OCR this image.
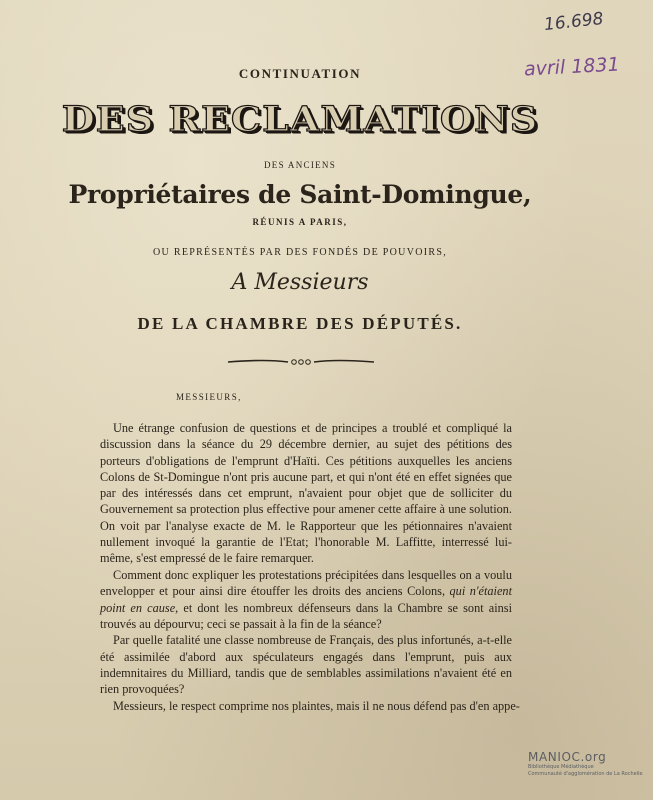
16.698
avril 1831
CONTINUATION
DES RECLAMATIONS
DES ANCIENS
Propriétaires de Saint-Domingue,
RÉUNIS A PARIS,
OU REPRÉSENTÉS PAR DES FONDÉS DE POUVOIRS,
A Messieurs
DE LA CHAMBRE DES DÉPUTÉS.
MESSIEURS,

Une étrange confusion de questions et de principes a troublé et compliqué la discussion dans la séance du 29 décembre dernier, au sujet des pétitions des porteurs d'obligations de l'emprunt d'Haïti. Ces pétitions auxquelles les anciens Colons de St-Domingue n'ont pris aucune part, et qui n'ont été en effet signées que par des intéressés dans cet emprunt, n'avaient pour objet que de solliciter du Gouvernement sa protection plus effective pour amener cette affaire à une solution. On voit par l'analyse exacte de M. le Rapporteur que les pétionnaires n'avaient nullement invoqué la garantie de l'Etat; l'honorable M. Laffitte, interressé lui-même, s'est empressé de le faire remarquer.

Comment donc expliquer les protestations précipitées dans lesquelles on a voulu envelopper et pour ainsi dire étouffer les droits des anciens Colons, qui n'étaient point en cause, et dont les nombreux défenseurs dans la Chambre se sont ainsi trouvés au dépourvu; ceci se passait à la fin de la séance?

Par quelle fatalité une classe nombreuse de Français, des plus infortunés, a-t-elle été assimilée d'abord aux spéculateurs engagés dans l'emprunt, puis aux indemnitaires du Milliard, tandis que de semblables assimilations n'avaient été en rien provoquées?

Messieurs, le respect comprime nos plaintes, mais il ne nous défend pas d'en appe-

MANIOC.org
Bibliothèque Médiathèque
Communauté d'agglomération de La Rochelle
